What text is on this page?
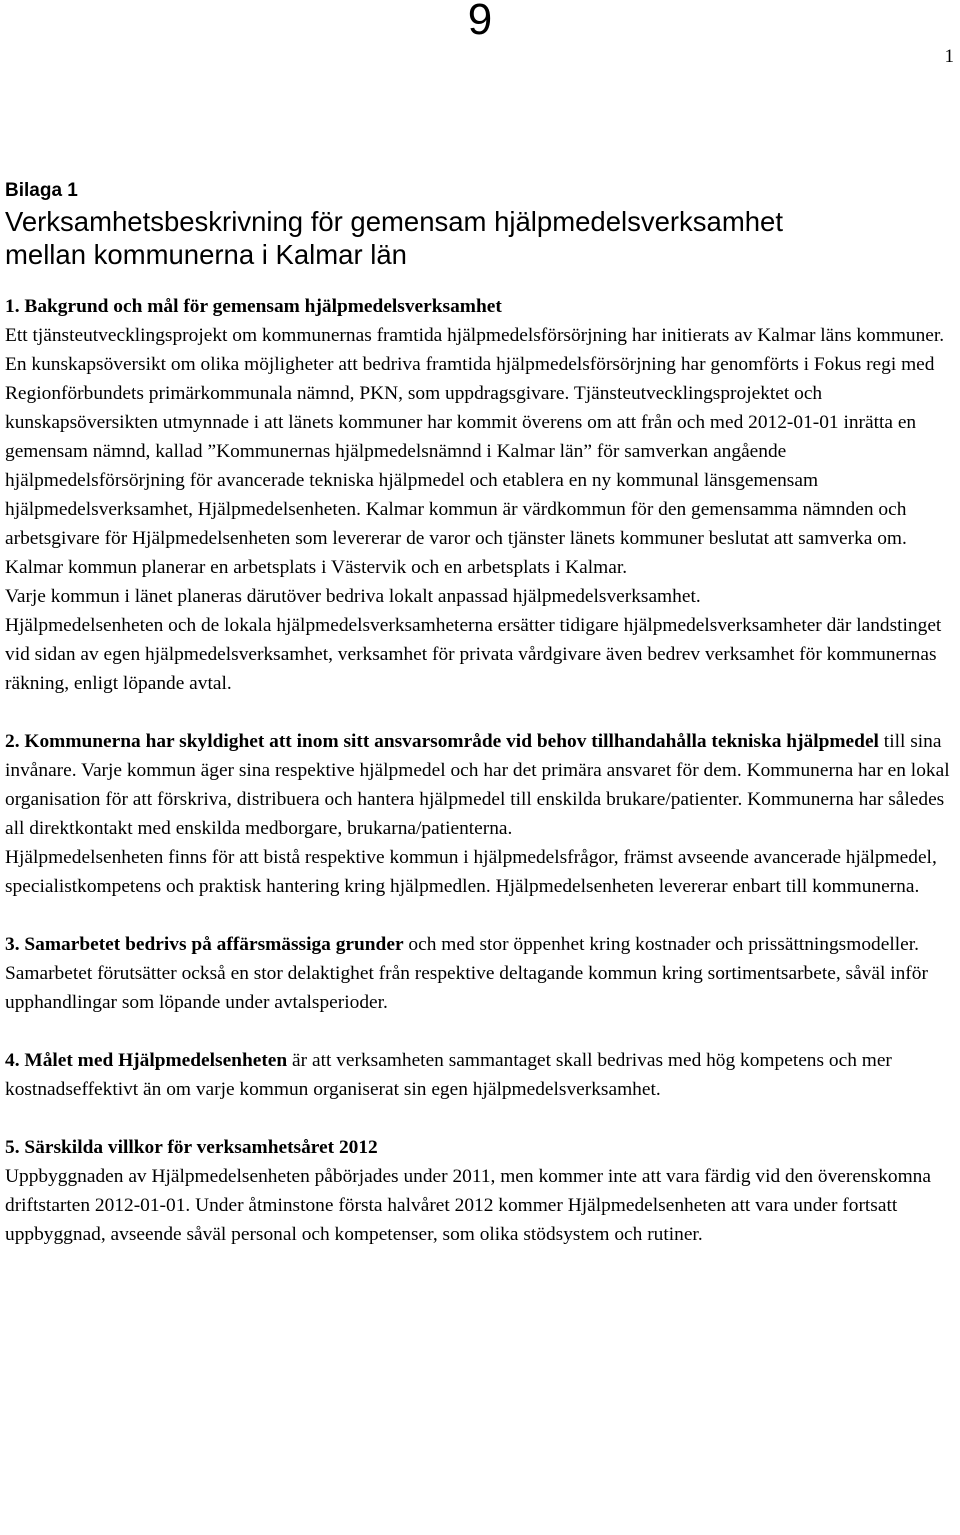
9
1
Bilaga 1
Verksamhetsbeskrivning för gemensam hjälpmedelsverksamhet
mellan kommunerna i Kalmar län

1. Bakgrund och mål för gemensam hjälpmedelsverksamhet

Ett tjänsteutvecklingsprojekt om kommunernas framtida hjälpmedelsförsörjning har initierats av Kalmar läns kommuner. En kunskapsöversikt om olika möjligheter att bedriva framtida hjälpmedelsförsörjning har genomförts i Fokus regi med Regionförbundets primärkommunala nämnd, PKN, som uppdragsgivare. Tjänsteutvecklingsprojektet och kunskapsöversikten utmynnade i att länets kommuner har kommit överens om att från och med 2012-01-01 inrätta en gemensam nämnd, kallad ”Kommunernas hjälpmedelsnämnd i Kalmar län” för samverkan angående hjälpmedelsförsörjning för avancerade tekniska hjälpmedel och etablera en ny kommunal länsgemensam hjälpmedelsverksamhet, Hjälpmedelsenheten. Kalmar kommun är värdkommun för den gemensamma nämnden och arbetsgivare för Hjälpmedelsenheten som levererar de varor och tjänster länets kommuner beslutat att samverka om. Kalmar kommun planerar en arbetsplats i Västervik och en arbetsplats i Kalmar.

Varje kommun i länet planeras därutöver bedriva lokalt anpassad hjälpmedelsverksamhet.

Hjälpmedelsenheten och de lokala hjälpmedelsverksamheterna ersätter tidigare hjälpmedelsverksamheter där landstinget vid sidan av egen hjälpmedelsverksamhet, verksamhet för privata vårdgivare även bedrev verksamhet för kommunernas räkning, enligt löpande avtal.

2. Kommunerna har skyldighet att inom sitt ansvarsområde vid behov tillhandahålla tekniska hjälpmedel till sina invånare. Varje kommun äger sina respektive hjälpmedel och har det primära ansvaret för dem. Kommunerna har en lokal organisation för att förskriva, distribuera och hantera hjälpmedel till enskilda brukare/patienter. Kommunerna har således all direktkontakt med enskilda medborgare, brukarna/patienterna.

Hjälpmedelsenheten finns för att bistå respektive kommun i hjälpmedelsfrågor, främst avseende avancerade hjälpmedel, specialistkompetens och praktisk hantering kring hjälpmedlen. Hjälpmedelsenheten levererar enbart till kommunerna.

3. Samarbetet bedrivs på affärsmässiga grunder och med stor öppenhet kring kostnader och prissättningsmodeller. Samarbetet förutsätter också en stor delaktighet från respektive deltagande kommun kring sortimentsarbete, såväl inför upphandlingar som löpande under avtalsperioder.

4. Målet med Hjälpmedelsenheten är att verksamheten sammantaget skall bedrivas med hög kompetens och mer kostnadseffektivt än om varje kommun organiserat sin egen hjälpmedelsverksamhet.

5. Särskilda villkor för verksamhetsåret 2012

Uppbyggnaden av Hjälpmedelsenheten påbörjades under 2011, men kommer inte att vara färdig vid den överenskomna driftstarten 2012-01-01. Under åtminstone första halvåret 2012 kommer Hjälpmedelsenheten att vara under fortsatt uppbyggnad, avseende såväl personal och kompetenser, som olika stödsystem och rutiner.
